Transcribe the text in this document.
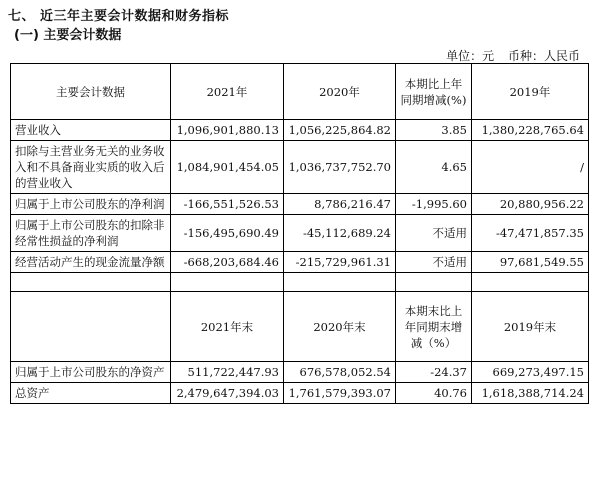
七、 近三年主要会计数据和财务指标
(一) 主要会计数据
单位：元 币种：人民币
主要会计数据	2021年	2020年	本期比上年同期增减(%)	2019年
营业收入	1,096,901,880.13	1,056,225,864.82	3.85	1,380,228,765.64
扣除与主营业务无关的业务收入和不具备商业实质的收入后的营业收入	1,084,901,454.05	1,036,737,752.70	4.65	/
归属于上市公司股东的净利润	-166,551,526.53	8,786,216.47	-1,995.60	20,880,956.22
归属于上市公司股东的扣除非经常性损益的净利润	-156,495,690.49	-45,112,689.24	不适用	-47,471,857.35
经营活动产生的现金流量净额	-668,203,684.46	-215,729,961.31	不适用	97,681,549.55

	2021年末	2020年末	本期末比上年同期末增减（%）	2019年末
归属于上市公司股东的净资产	511,722,447.93	676,578,052.54	-24.37	669,273,497.15
总资产	2,479,647,394.03	1,761,579,393.07	40.76	1,618,388,714.24
